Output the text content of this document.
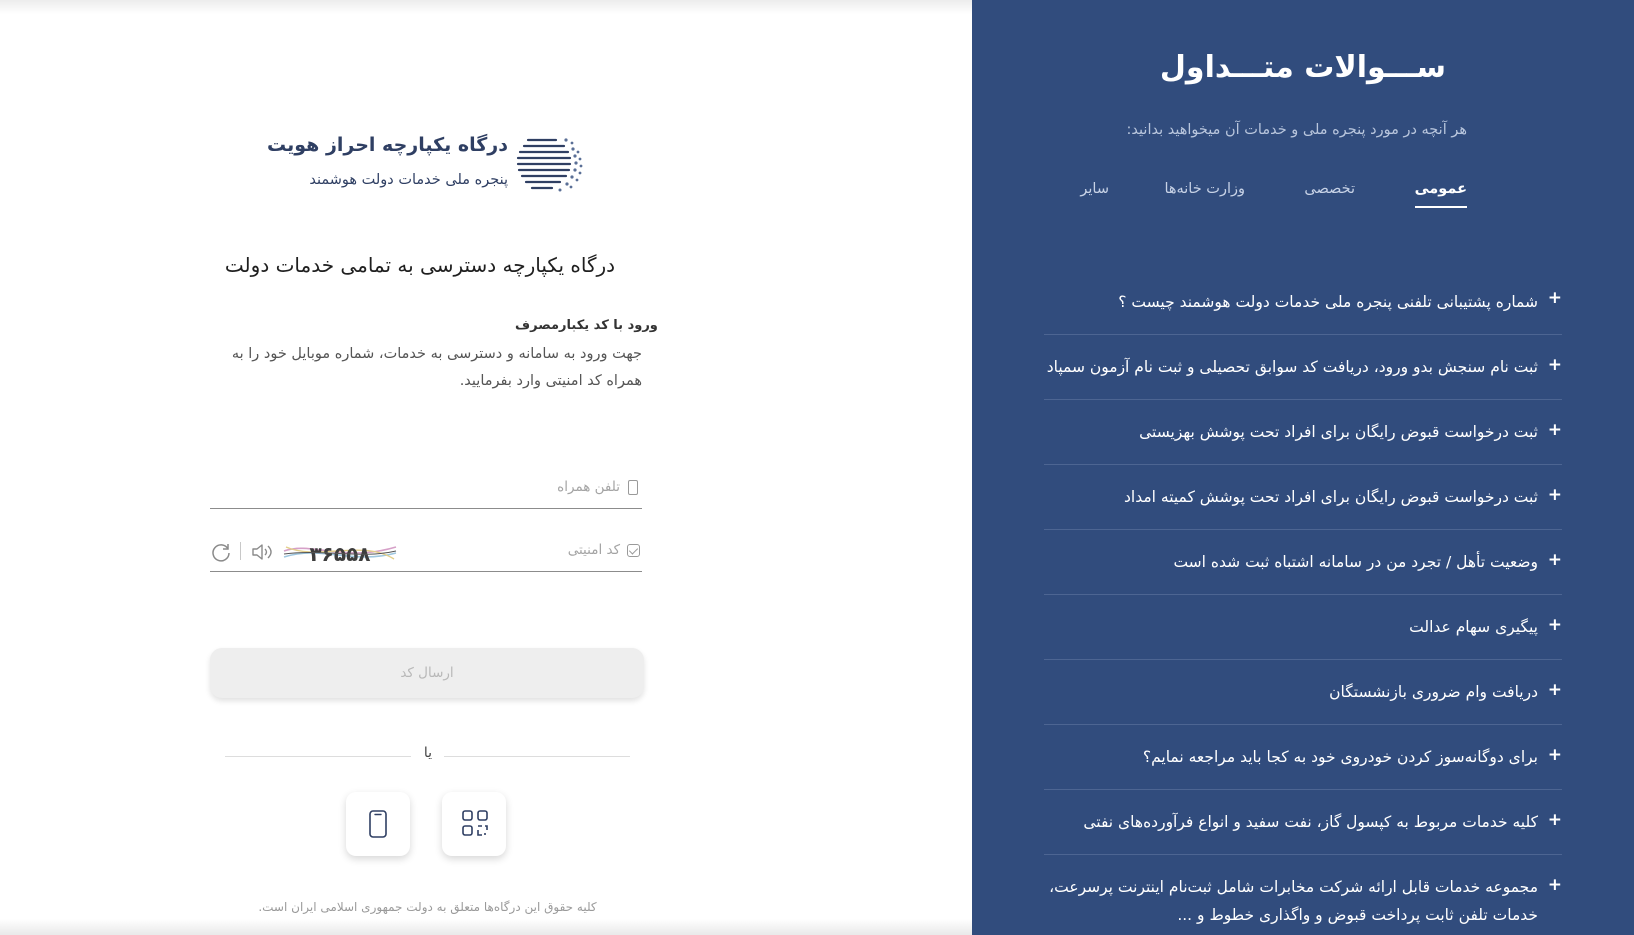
درگاه یکپارچه احراز هویت
پنجره ملی خدمات دولت هوشمند
درگاه یکپارچه دسترسی به تمامی خدمات دولت
ورود با کد یکبارمصرف
جهت ورود به سامانه و دسترسی به خدمات، شماره موبایل خود را به همراه کد امنیتی وارد بفرمایید.
تلفن همراه
کد امنیتی
۳۶۵۵۸
ارسال کد
یا
کلیه حقوق این درگاه‌ها متعلق به دولت جمهوری اسلامی ایران است.
ســـوالات متـــداول
هر آنچه در مورد پنجره ملی و خدمات آن میخواهید بدانید:
عمومی
تخصصی
وزارت خانه‌ها
سایر
+
شماره پشتیبانی تلفنی پنجره ملی خدمات دولت هوشمند چیست ؟
+
ثبت نام سنجش بدو ورود، دریافت کد سوابق تحصیلی و ثبت نام آزمون سمپاد
+
ثبت درخواست قبوض رایگان برای افراد تحت پوشش بهزیستی
+
ثبت درخواست قبوض رایگان برای افراد تحت پوشش کمیته امداد
+
وضعیت تأهل / تجرد من در سامانه اشتباه ثبت شده است
+
پیگیری سهام عدالت
+
دریافت وام ضروری بازنشستگان
+
برای دوگانه‌سوز کردن خودروی خود به کجا باید مراجعه نمایم؟
+
کلیه خدمات مربوط به کپسول گاز، نفت سفید و انواع فرآورده‌های نفتی
+
مجموعه خدمات قابل ارائه شرکت مخابرات شامل ثبت‌نام اینترنت پرسرعت، خدمات تلفن ثابت پرداخت قبوض و واگذاری خطوط و ...
